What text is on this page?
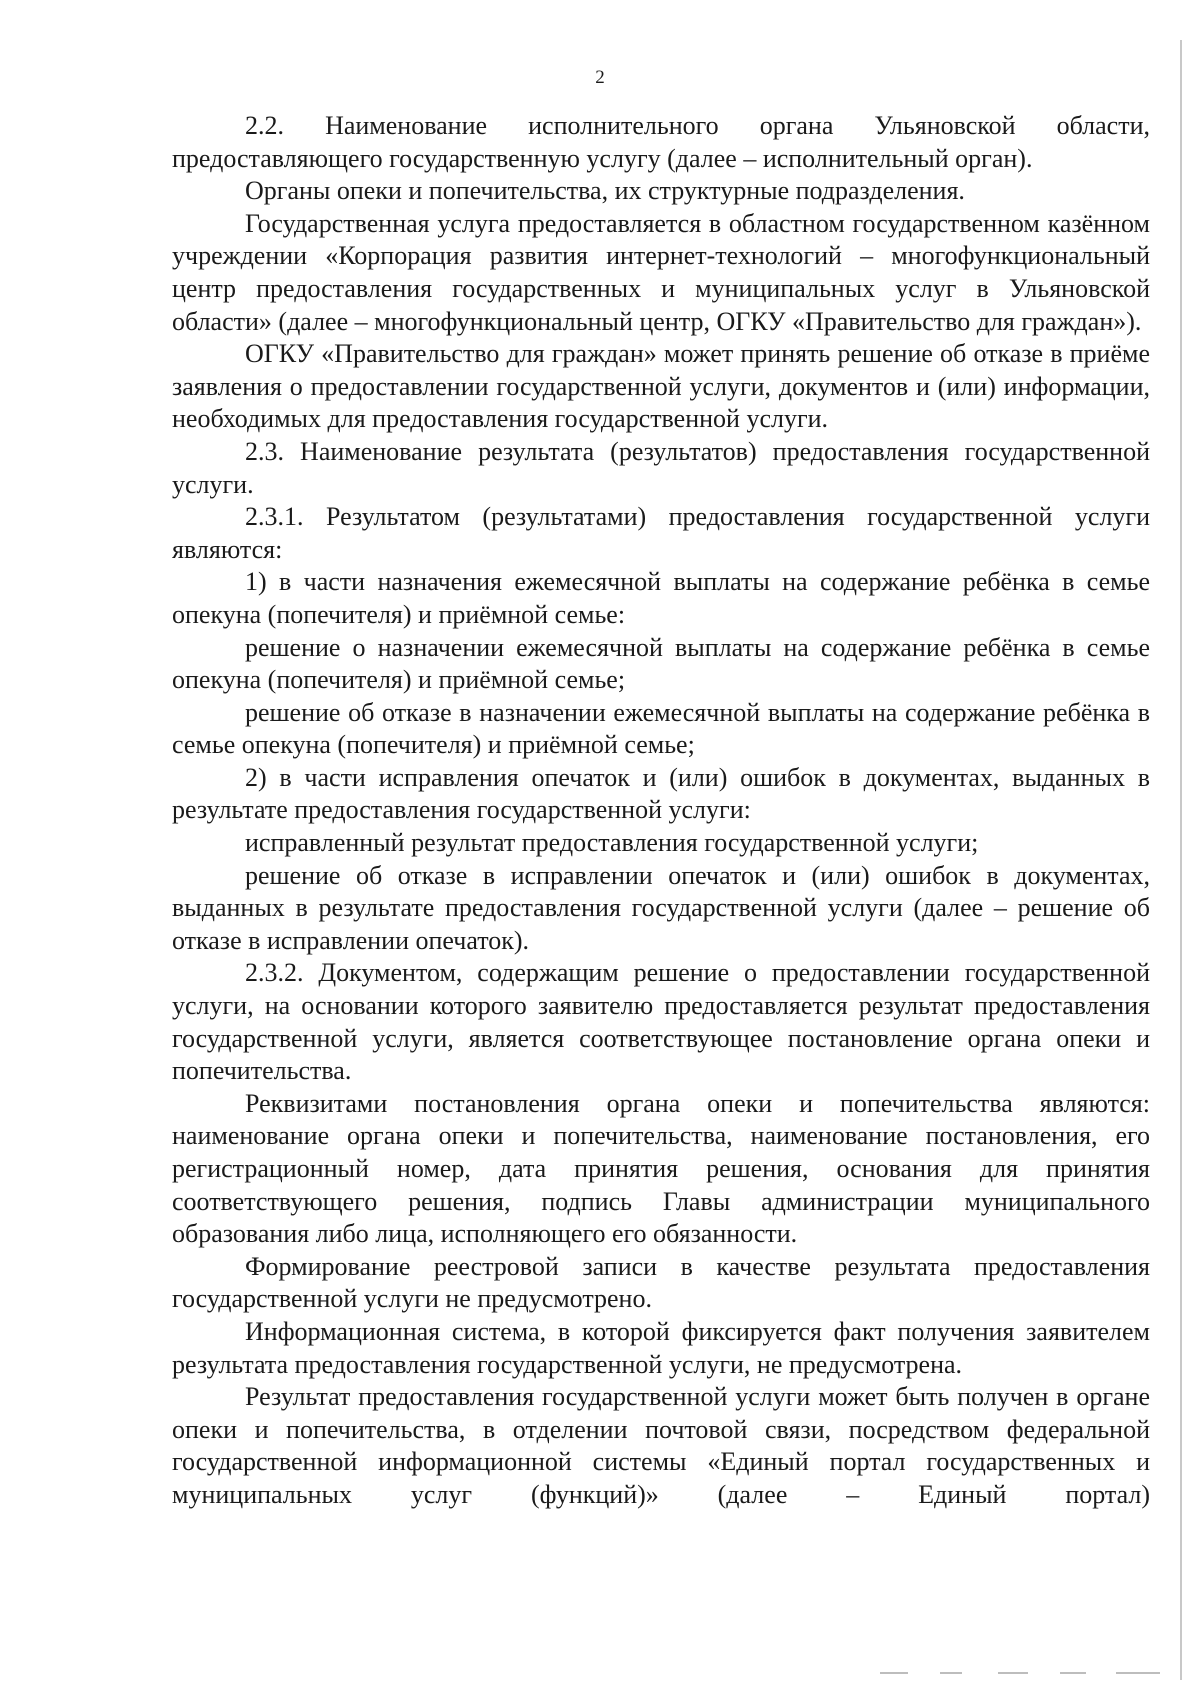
2

2.2. Наименование исполнительного органа Ульяновской области, предоставляющего государственную услугу (далее – исполнительный орган).

Органы опеки и попечительства, их структурные подразделения.

Государственная услуга предоставляется в областном государственном казённом учреждении «Корпорация развития интернет-технологий – многофункциональный центр предоставления государственных и муниципальных услуг в Ульяновской области» (далее – многофункциональный центр, ОГКУ «Правительство для граждан»).

ОГКУ «Правительство для граждан» может принять решение об отказе в приёме заявления о предоставлении государственной услуги, документов и (или) информации, необходимых для предоставления государственной услуги.

2.3. Наименование результата (результатов) предоставления государственной услуги.

2.3.1. Результатом (результатами) предоставления государственной услуги являются:

1) в части назначения ежемесячной выплаты на содержание ребёнка в семье опекуна (попечителя) и приёмной семье:

решение о назначении ежемесячной выплаты на содержание ребёнка в семье опекуна (попечителя) и приёмной семье;

решение об отказе в назначении ежемесячной выплаты на содержание ребёнка в семье опекуна (попечителя) и приёмной семье;

2) в части исправления опечаток и (или) ошибок в документах, выданных в результате предоставления государственной услуги:

исправленный результат предоставления государственной услуги;

решение об отказе в исправлении опечаток и (или) ошибок в документах, выданных в результате предоставления государственной услуги (далее – решение об отказе в исправлении опечаток).

2.3.2. Документом, содержащим решение о предоставлении государственной услуги, на основании которого заявителю предоставляется результат предоставления государственной услуги, является соответствующее постановление органа опеки и попечительства.

Реквизитами постановления органа опеки и попечительства являются: наименование органа опеки и попечительства, наименование постановления, его регистрационный номер, дата принятия решения, основания для принятия соответствующего решения, подпись Главы администрации муниципального образования либо лица, исполняющего его обязанности.

Формирование реестровой записи в качестве результата предоставления государственной услуги не предусмотрено.

Информационная система, в которой фиксируется факт получения заявителем результата предоставления государственной услуги, не предусмотрена.

Результат предоставления государственной услуги может быть получен в органе опеки и попечительства, в отделении почтовой связи, посредством федеральной государственной информационной системы «Единый портал государственных и муниципальных услуг (функций)» (далее – Единый портал)
